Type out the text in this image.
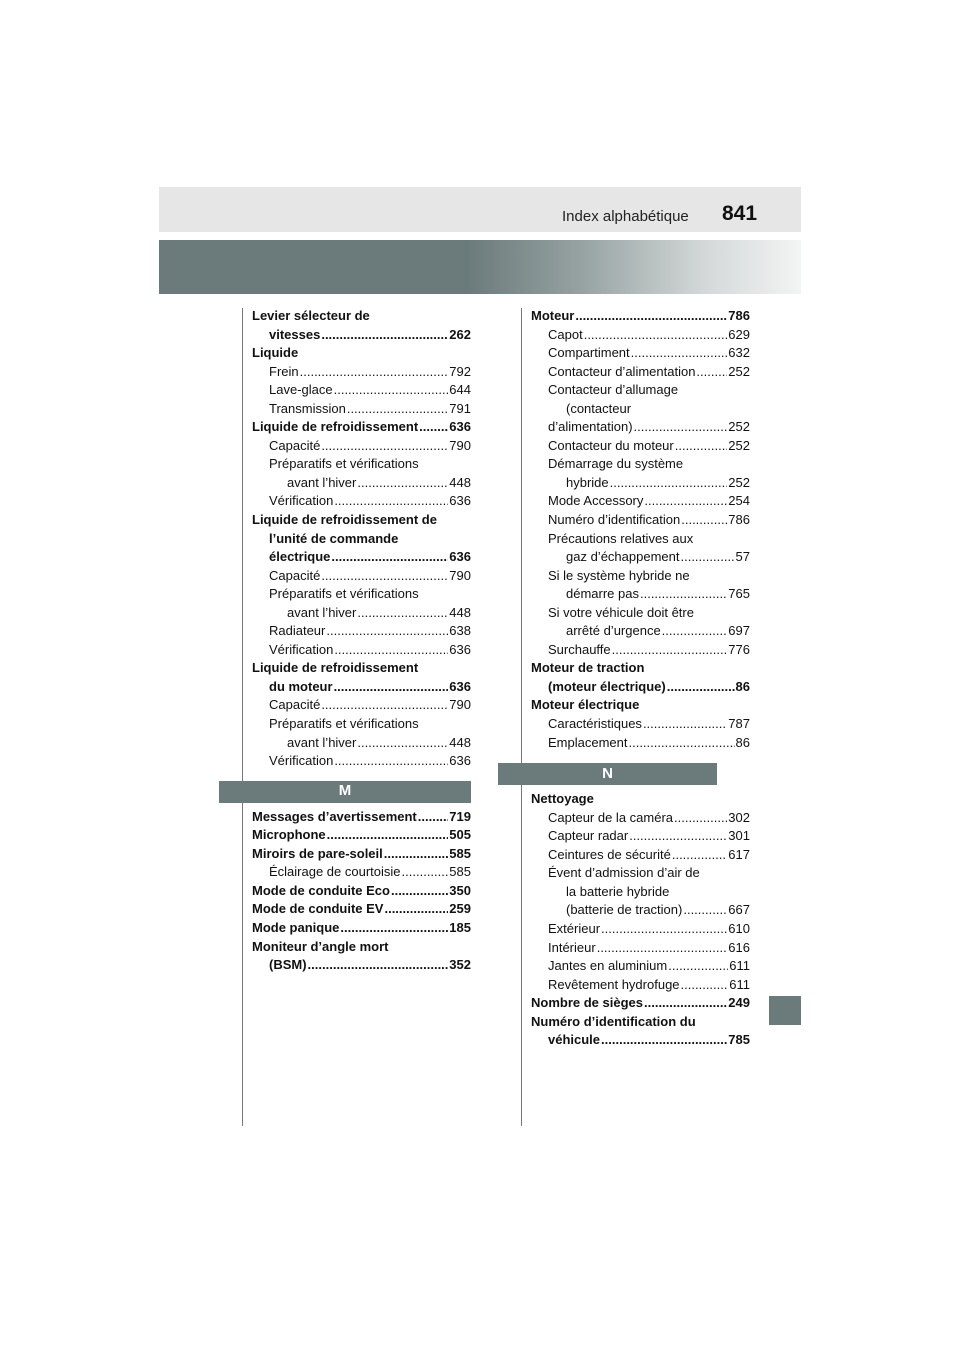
Index alphabétique 841
Levier sélecteur de
vitesses .....	262
Liquide
Frein .....	792
Lave-glace .....	644
Transmission .....	791
Liquide de refroidissement ..... 636
Capacité .....	790
Préparatifs et vérifications
avant l’hiver .....	448
Vérification .....	636
Liquide de refroidissement de
l’unité de commande
électrique .....	636
Capacité .....	790
Préparatifs et vérifications
avant l’hiver .....	448
Radiateur .....	638
Vérification .....	636
Liquide de refroidissement
du moteur .....	636
Capacité .....	790
Préparatifs et vérifications
avant l’hiver .....	448
Vérification .....	636
M
Messages d’avertissement .....	719
Microphone .....	505
Miroirs de pare-soleil .....	585
Éclairage de courtoisie .....	585
Mode de conduite Eco .....	350
Mode de conduite EV .....	259
Mode panique .....	185
Moniteur d’angle mort
(BSM) .....	352
Moteur .....	786
Capot .....	629
Compartiment .....	632
Contacteur d’alimentation .....	252
Contacteur d’allumage
(contacteur
d’alimentation) .....	252
Contacteur du moteur .....	252
Démarrage du système
hybride .....	252
Mode Accessory .....	254
Numéro d’identification .....	786
Précautions relatives aux
gaz d’échappement .....	57
Si le système hybride ne
démarre pas .....	765
Si votre véhicule doit être
arrêté d’urgence .....	697
Surchauffe .....	776
Moteur de traction
(moteur électrique) .....	86
Moteur électrique
Caractéristiques .....	787
Emplacement .....	86
N
Nettoyage
Capteur de la caméra .....	302
Capteur radar .....	301
Ceintures de sécurité .....	617
Évent d’admission d’air de
la batterie hybride
(batterie de traction) .....	667
Extérieur .....	610
Intérieur .....	616
Jantes en aluminium .....	611
Revêtement hydrofuge .....	611
Nombre de sièges .....	249
Numéro d’identification du
véhicule .....	785
